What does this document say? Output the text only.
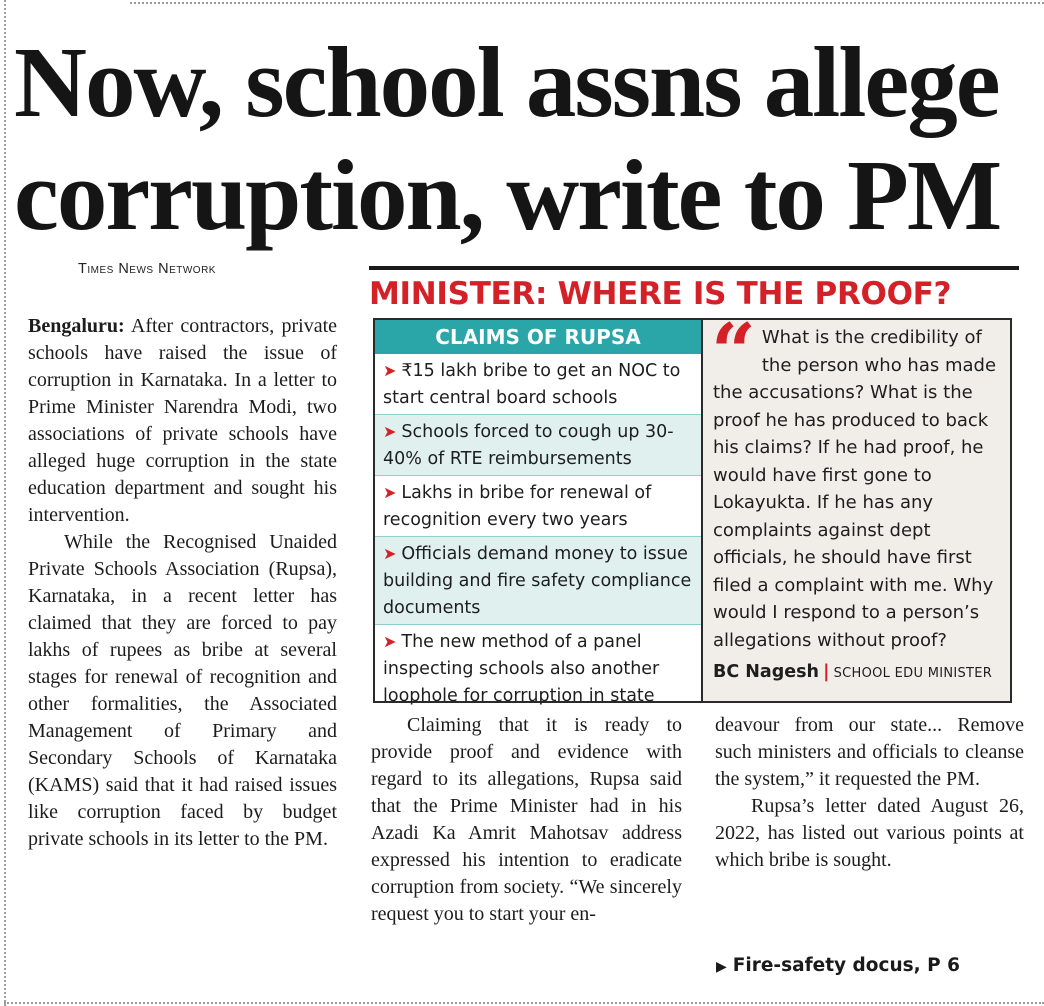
Now, school assns allege
corruption, write to PM
Times News Network

Bengaluru: After contractors, private schools have raised the issue of corruption in Karnataka. In a letter to Prime Minister Narendra Modi, two associations of private schools have alleged huge corruption in the state education department and sought his intervention.

While the Recognised Unaided Private Schools Association (Rupsa), Karnataka, in a recent letter has claimed that they are forced to pay lakhs of rupees as bribe at several stages for renewal of recognition and other formalities, the Associated Management of Primary and Secondary Schools of Karnataka (KAMS) said that it had raised issues like corruption faced by budget private schools in its letter to the PM.

MINISTER: WHERE IS THE PROOF?
CLAIMS OF RUPSA
➤ ₹15 lakh bribe to get an NOC to start central board schools
➤ Schools forced to cough up 30-40% of RTE reimbursements
➤ Lakhs in bribe for renewal of recognition every two years
➤ Officials demand money to issue building and fire safety compliance documents
➤ The new method of a panel inspecting schools also another loophole for corruption in state
“ What is the credibility of the person who has made the accusations? What is the proof he has produced to back his claims? If he had proof, he would have first gone to Lokayukta. If he has any complaints against dept officials, he should have first filed a complaint with me. Why would I respond to a person’s allegations without proof?
BC Nagesh | SCHOOL EDU MINISTER

Claiming that it is ready to provide proof and evidence with regard to its allegations, Rupsa said that the Prime Minister had in his Azadi Ka Amrit Mahotsav address expressed his intention to eradicate corruption from society. “We sincerely request you to start your en-

deavour from our state... Remove such ministers and officials to cleanse the system,” it requested the PM.

Rupsa’s letter dated August 26, 2022, has listed out various points at which bribe is sought.

▶ Fire-safety docus, P 6
